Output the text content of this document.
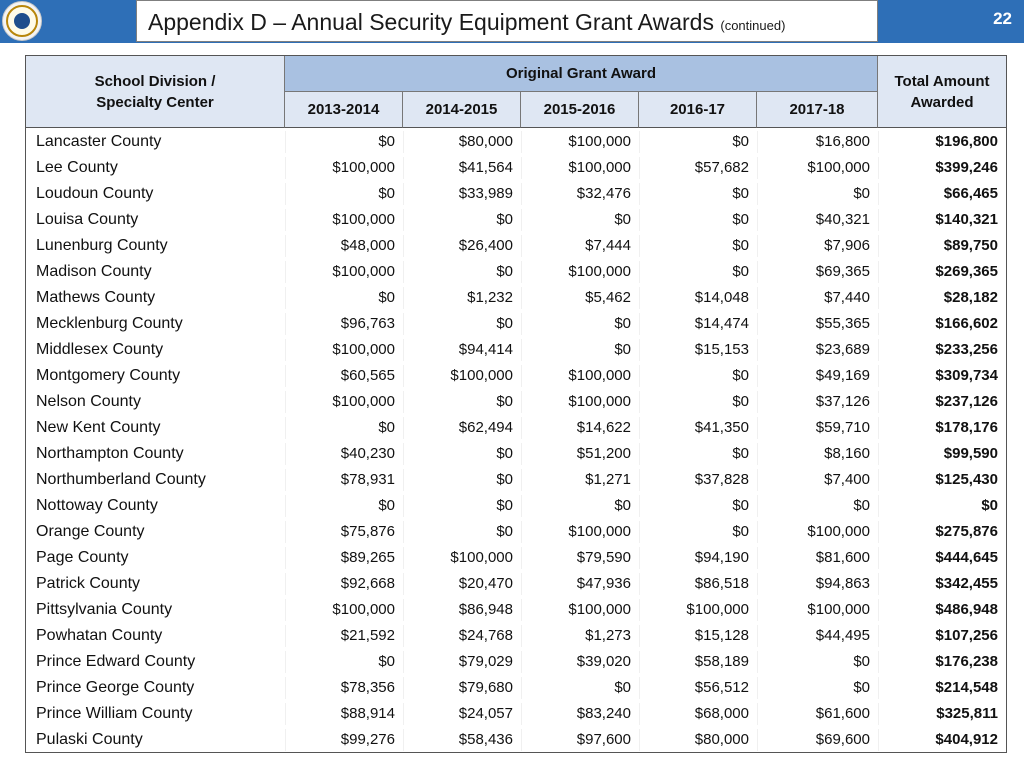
Appendix D – Annual Security Equipment Grant Awards (continued)	22
School Division / Specialty Center
Original Grant Award	Total Amount Awarded
2013-2014	2014-2015	2015-2016	2016-17	2017-18
Lancaster County	$0	$80,000	$100,000	$0	$16,800	$196,800
Lee County	$100,000	$41,564	$100,000	$57,682	$100,000	$399,246
Loudoun County	$0	$33,989	$32,476	$0	$0	$66,465
Louisa County	$100,000	$0	$0	$0	$40,321	$140,321
Lunenburg County	$48,000	$26,400	$7,444	$0	$7,906	$89,750
Madison County	$100,000	$0	$100,000	$0	$69,365	$269,365
Mathews County	$0	$1,232	$5,462	$14,048	$7,440	$28,182
Mecklenburg County	$96,763	$0	$0	$14,474	$55,365	$166,602
Middlesex County	$100,000	$94,414	$0	$15,153	$23,689	$233,256
Montgomery County	$60,565	$100,000	$100,000	$0	$49,169	$309,734
Nelson County	$100,000	$0	$100,000	$0	$37,126	$237,126
New Kent County	$0	$62,494	$14,622	$41,350	$59,710	$178,176
Northampton County	$40,230	$0	$51,200	$0	$8,160	$99,590
Northumberland County	$78,931	$0	$1,271	$37,828	$7,400	$125,430
Nottoway County	$0	$0	$0	$0	$0	$0
Orange County	$75,876	$0	$100,000	$0	$100,000	$275,876
Page County	$89,265	$100,000	$79,590	$94,190	$81,600	$444,645
Patrick County	$92,668	$20,470	$47,936	$86,518	$94,863	$342,455
Pittsylvania County	$100,000	$86,948	$100,000	$100,000	$100,000	$486,948
Powhatan County	$21,592	$24,768	$1,273	$15,128	$44,495	$107,256
Prince Edward County	$0	$79,029	$39,020	$58,189	$0	$176,238
Prince George County	$78,356	$79,680	$0	$56,512	$0	$214,548
Prince William County	$88,914	$24,057	$83,240	$68,000	$61,600	$325,811
Pulaski County	$99,276	$58,436	$97,600	$80,000	$69,600	$404,912
